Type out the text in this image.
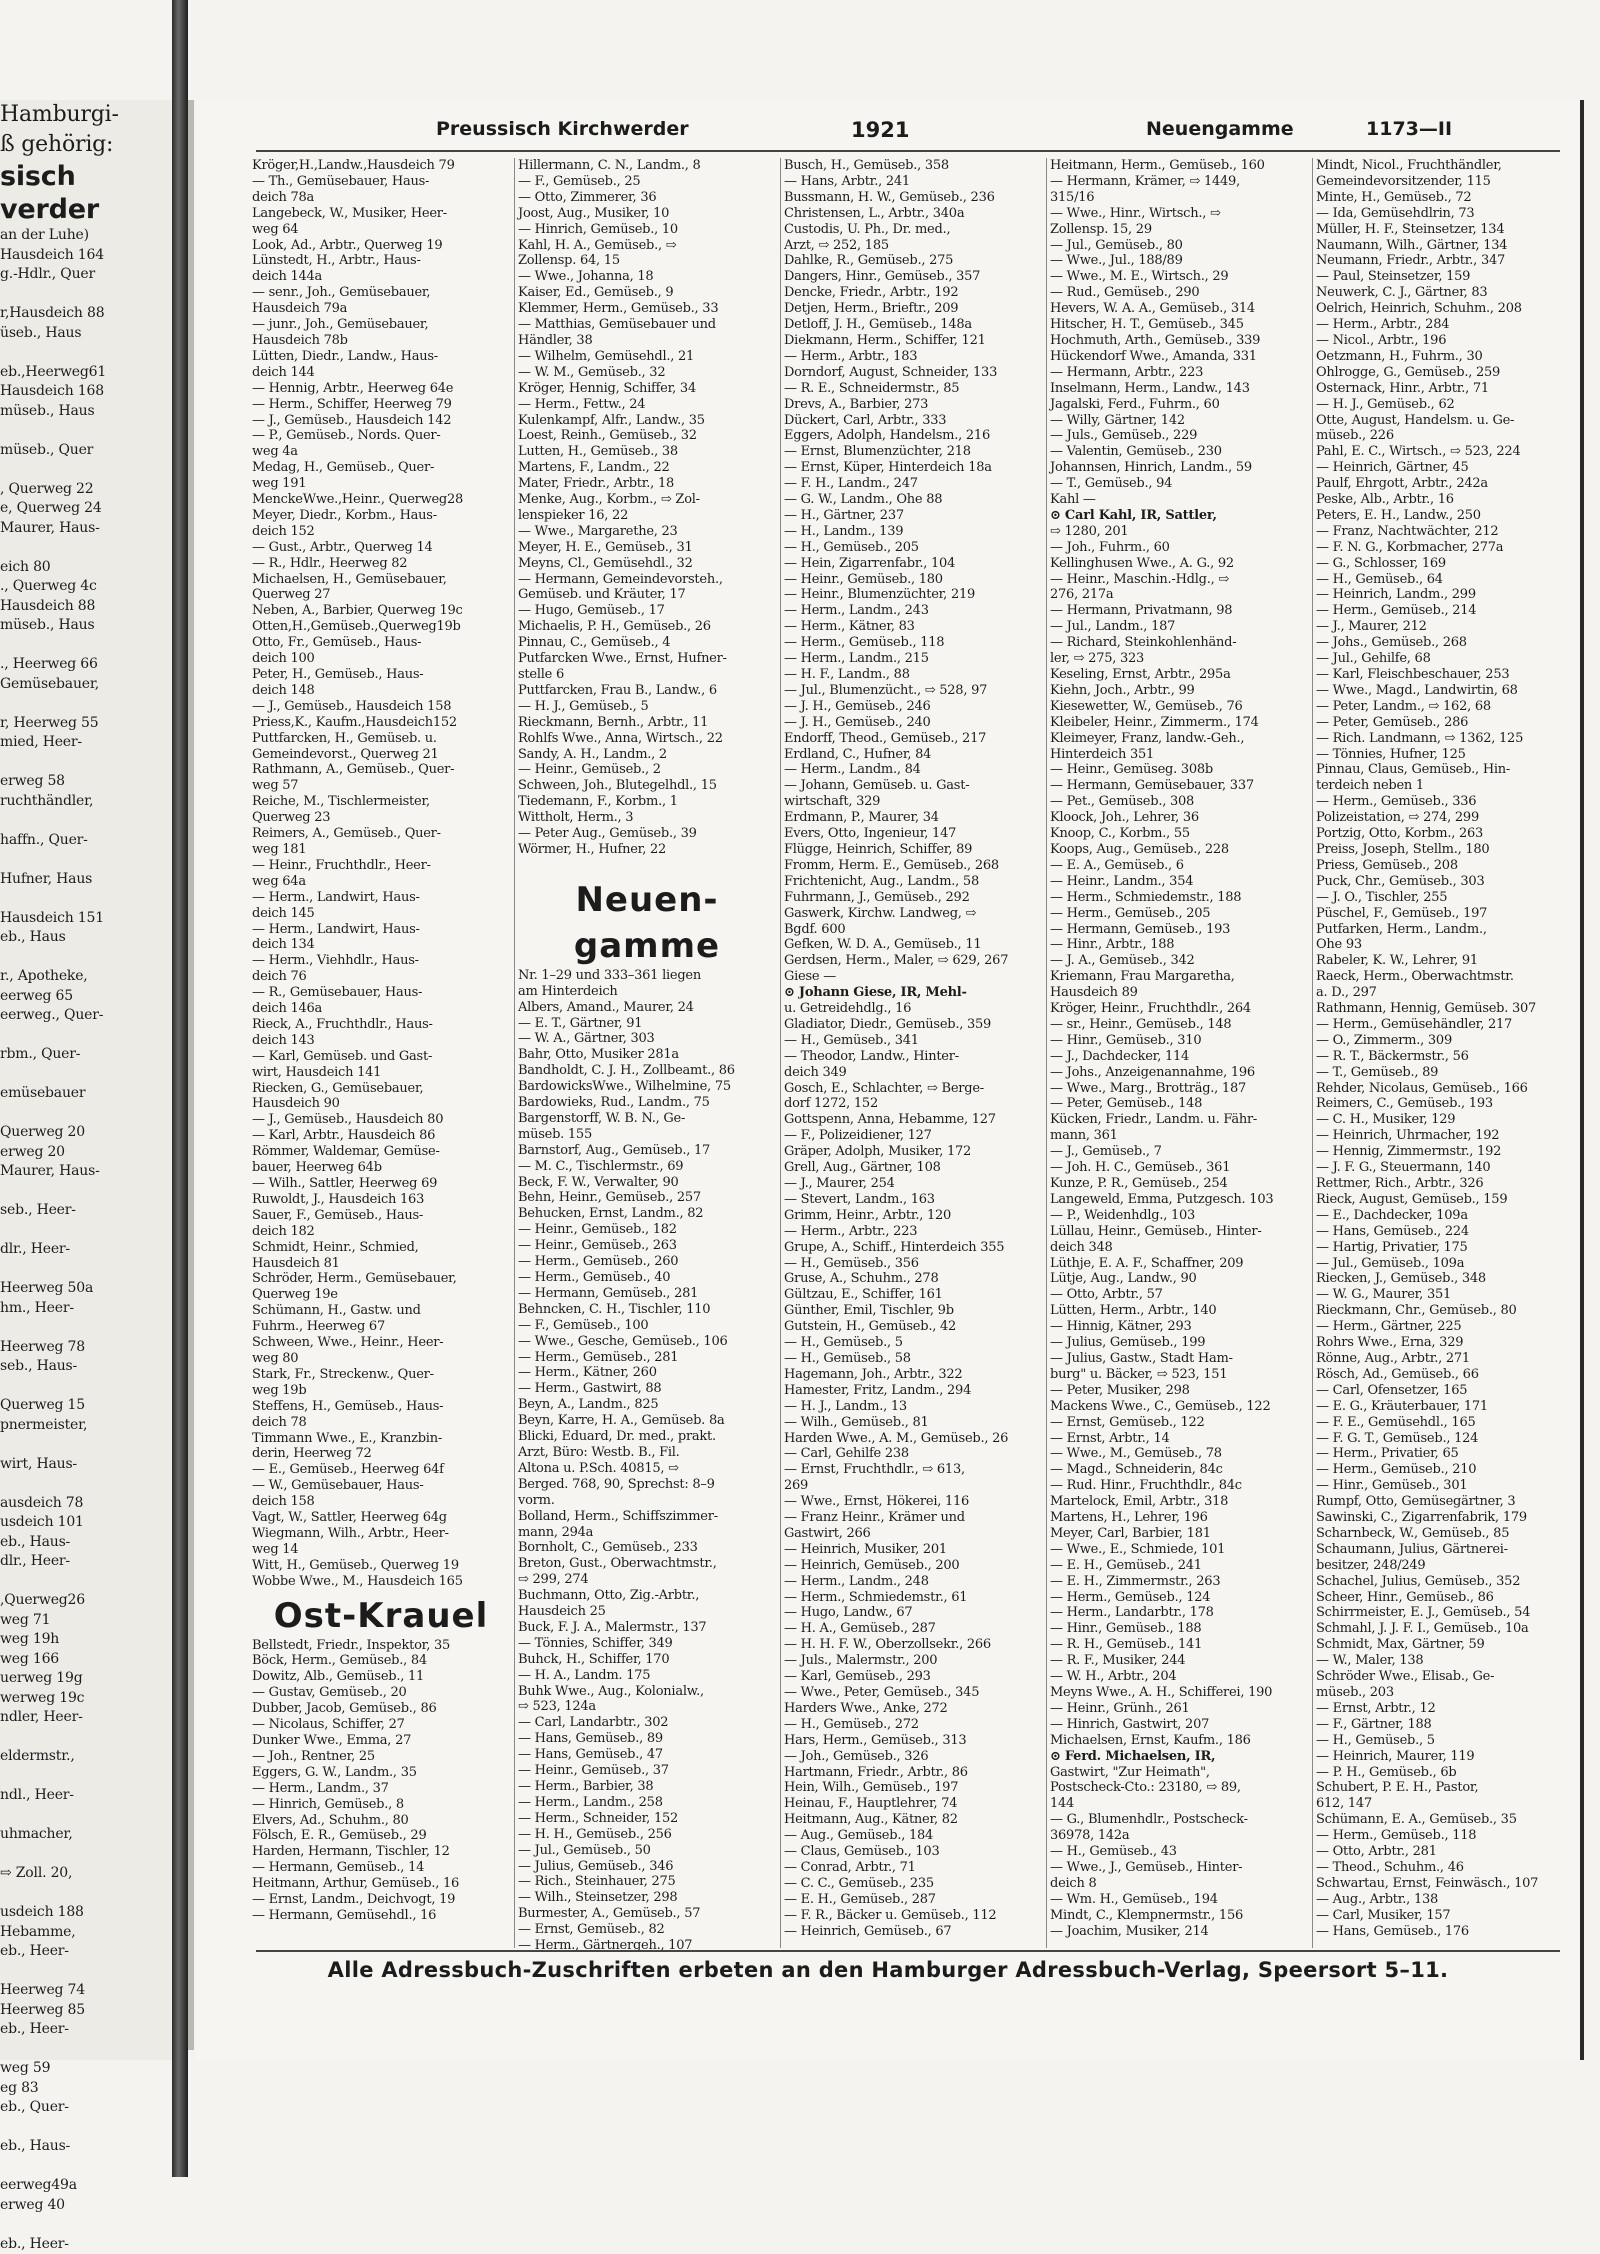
Hamburgi-
ß gehörig:
sisch
verder
an der Luhe)
Hausdeich 164
g.-Hdlr., Quer

r,Hausdeich 88
üseb., Haus

eb.,Heerweg61
Hausdeich 168
müseb., Haus

müseb., Quer

, Querweg 22
e, Querweg 24
Maurer, Haus-

eich 80
., Querweg 4c
Hausdeich 88
müseb., Haus

., Heerweg 66
Gemüsebauer,

r, Heerweg 55
mied, Heer-

erweg 58
ruchthändler,

haffn., Quer-

Hufner, Haus

Hausdeich 151
eb., Haus

r., Apotheke,
eerweg 65
eerweg., Quer-

rbm., Quer-

emüsebauer

Querweg 20
erweg 20
Maurer, Haus-

seb., Heer-

dlr., Heer-

Heerweg 50a
hm., Heer-

Heerweg 78
seb., Haus-

Querweg 15
pnermeister,

wirt, Haus-

ausdeich 78
usdeich 101
eb., Haus-
dlr., Heer-

,Querweg26
weg 71
weg 19h
weg 166
uerweg 19g
werweg 19c
ndler, Heer-

eldermstr.,

ndl., Heer-

uhmacher,

⇨ Zoll. 20,

usdeich 188
Hebamme,
eb., Heer-

Heerweg 74
Heerweg 85
eb., Heer-

weg 59
eg 83
eb., Quer-

eb., Haus-

eerweg49a
erweg 40

eb., Heer-
Preussisch Kirchwerder	1921	Neuengamme	1173—II
Kröger,H.,Landw.,Hausdeich 79
— Th., Gemüsebauer, Haus-
deich 78a
Langebeck, W., Musiker, Heer-
weg 64
Look, Ad., Arbtr., Querweg 19
Lünstedt, H., Arbtr., Haus-
deich 144a
— senr., Joh., Gemüsebauer,
Hausdeich 79a
— junr., Joh., Gemüsebauer,
Hausdeich 78b
Lütten, Diedr., Landw., Haus-
deich 144
— Hennig, Arbtr., Heerweg 64e
— Herm., Schiffer, Heerweg 79
— J., Gemüseb., Hausdeich 142
— P., Gemüseb., Nords. Quer-
weg 4a
Medag, H., Gemüseb., Quer-
weg 191
MenckeWwe.,Heinr., Querweg28
Meyer, Diedr., Korbm., Haus-
deich 152
— Gust., Arbtr., Querweg 14
— R., Hdlr., Heerweg 82
Michaelsen, H., Gemüsebauer,
Querweg 27
Neben, A., Barbier, Querweg 19c
Otten,H.,Gemüseb.,Querweg19b
Otto, Fr., Gemüseb., Haus-
deich 100
Peter, H., Gemüseb., Haus-
deich 148
— J., Gemüseb., Hausdeich 158
Priess,K., Kaufm.,Hausdeich152
Puttfarcken, H., Gemüseb. u.
Gemeindevorst., Querweg 21
Rathmann, A., Gemüseb., Quer-
weg 57
Reiche, M., Tischlermeister,
Querweg 23
Reimers, A., Gemüseb., Quer-
weg 181
— Heinr., Fruchthdlr., Heer-
weg 64a
— Herm., Landwirt, Haus-
deich 145
— Herm., Landwirt, Haus-
deich 134
— Herm., Viehhdlr., Haus-
deich 76
— R., Gemüsebauer, Haus-
deich 146a
Rieck, A., Fruchthdlr., Haus-
deich 143
— Karl, Gemüseb. und Gast-
wirt, Hausdeich 141
Riecken, G., Gemüsebauer,
Hausdeich 90
— J., Gemüseb., Hausdeich 80
— Karl, Arbtr., Hausdeich 86
Römmer, Waldemar, Gemüse-
bauer, Heerweg 64b
— Wilh., Sattler, Heerweg 69
Ruwoldt, J., Hausdeich 163
Sauer, F., Gemüseb., Haus-
deich 182
Schmidt, Heinr., Schmied,
Hausdeich 81
Schröder, Herm., Gemüsebauer,
Querweg 19e
Schümann, H., Gastw. und
Fuhrm., Heerweg 67
Schween, Wwe., Heinr., Heer-
weg 80
Stark, Fr., Streckenw., Quer-
weg 19b
Steffens, H., Gemüseb., Haus-
deich 78
Timmann Wwe., E., Kranzbin-
derin, Heerweg 72
— E., Gemüseb., Heerweg 64f
— W., Gemüsebauer, Haus-
deich 158
Vagt, W., Sattler, Heerweg 64g
Wiegmann, Wilh., Arbtr., Heer-
weg 14
Witt, H., Gemüseb., Querweg 19
Wobbe Wwe., M., Hausdeich 165
Ost-Krauel
Bellstedt, Friedr., Inspektor, 35
Böck, Herm., Gemüseb., 84
Dowitz, Alb., Gemüseb., 11
— Gustav, Gemüseb., 20
Dubber, Jacob, Gemüseb., 86
— Nicolaus, Schiffer, 27
Dunker Wwe., Emma, 27
— Joh., Rentner, 25
Eggers, G. W., Landm., 35
— Herm., Landm., 37
— Hinrich, Gemüseb., 8
Elvers, Ad., Schuhm., 80
Fölsch, E. R., Gemüseb., 29
Harden, Hermann, Tischler, 12
— Hermann, Gemüseb., 14
Heitmann, Arthur, Gemüseb., 16
— Ernst, Landm., Deichvogt, 19
— Hermann, Gemüsehdl., 16
Hillermann, C. N., Landm., 8
— F., Gemüseb., 25
— Otto, Zimmerer, 36
Joost, Aug., Musiker, 10
— Hinrich, Gemüseb., 10
Kahl, H. A., Gemüseb., ⇨
Zollensp. 64, 15
— Wwe., Johanna, 18
Kaiser, Ed., Gemüseb., 9
Klemmer, Herm., Gemüseb., 33
— Matthias, Gemüsebauer und
Händler, 38
— Wilhelm, Gemüsehdl., 21
— W. M., Gemüseb., 32
Kröger, Hennig, Schiffer, 34
— Herm., Fettw., 24
Kulenkampf, Alfr., Landw., 35
Loest, Reinh., Gemüseb., 32
Lutten, H., Gemüseb., 38
Martens, F., Landm., 22
Mater, Friedr., Arbtr., 18
Menke, Aug., Korbm., ⇨ Zol-
lenspieker 16, 22
— Wwe., Margarethe, 23
Meyer, H. E., Gemüseb., 31
Meyns, Cl., Gemüsehdl., 32
— Hermann, Gemeindevorsteh.,
Gemüseb. und Kräuter, 17
— Hugo, Gemüseb., 17
Michaelis, P. H., Gemüseb., 26
Pinnau, C., Gemüseb., 4
Putfarcken Wwe., Ernst, Hufner-
stelle 6
Puttfarcken, Frau B., Landw., 6
— H. J., Gemüseb., 5
Rieckmann, Bernh., Arbtr., 11
Rohlfs Wwe., Anna, Wirtsch., 22
Sandy, A. H., Landm., 2
— Heinr., Gemüseb., 2
Schween, Joh., Blutegelhdl., 15
Tiedemann, F., Korbm., 1
Wittholt, Herm., 3
— Peter Aug., Gemüseb., 39
Wörmer, H., Hufner, 22

Neuen-
gamme
Nr. 1–29 und 333–361 liegen
am Hinterdeich
Albers, Amand., Maurer, 24
— E. T., Gärtner, 91
— W. A., Gärtner, 303
Bahr, Otto, Musiker 281a
Bandholdt, C. J. H., Zollbeamt., 86
BardowicksWwe., Wilhelmine, 75
Bardowieks, Rud., Landm., 75
Bargenstorff, W. B. N., Ge-
müseb. 155
Barnstorf, Aug., Gemüseb., 17
— M. C., Tischlermstr., 69
Beck, F. W., Verwalter, 90
Behn, Heinr., Gemüseb., 257
Behucken, Ernst, Landm., 82
— Heinr., Gemüseb., 182
— Heinr., Gemüseb., 263
— Herm., Gemüseb., 260
— Herm., Gemüseb., 40
— Hermann, Gemüseb., 281
Behncken, C. H., Tischler, 110
— F., Gemüseb., 100
— Wwe., Gesche, Gemüseb., 106
— Herm., Gemüseb., 281
— Herm., Kätner, 260
— Herm., Gastwirt, 88
Beyn, A., Landm., 825
Beyn, Karre, H. A., Gemüseb. 8a
Blicki, Eduard, Dr. med., prakt.
Arzt, Büro: Westb. B., Fil.
Altona u. P.Sch. 40815, ⇨
Berged. 768, 90, Sprechst: 8–9
vorm.
Bolland, Herm., Schiffszimmer-
mann, 294a
Bornholt, C., Gemüseb., 233
Breton, Gust., Oberwachtmstr.,
⇨ 299, 274
Buchmann, Otto, Zig.-Arbtr.,
Hausdeich 25
Buck, F. J. A., Malermstr., 137
— Tönnies, Schiffer, 349
Buhck, H., Schiffer, 170
— H. A., Landm. 175
Buhk Wwe., Aug., Kolonialw.,
⇨ 523, 124a
— Carl, Landarbtr., 302
— Hans, Gemüseb., 89
— Hans, Gemüseb., 47
— Heinr., Gemüseb., 37
— Herm., Barbier, 38
— Herm., Landm., 258
— Herm., Schneider, 152
— H. H., Gemüseb., 256
— Jul., Gemüseb., 50
— Julius, Gemüseb., 346
— Rich., Steinhauer, 275
— Wilh., Steinsetzer, 298
Burmester, A., Gemüseb., 57
— Ernst, Gemüseb., 82
— Herm., Gärtnergeh., 107
Busch, H., Gemüseb., 358
— Hans, Arbtr., 241
Bussmann, H. W., Gemüseb., 236
Christensen, L., Arbtr., 340a
Custodis, U. Ph., Dr. med.,
Arzt, ⇨ 252, 185
Dahlke, R., Gemüseb., 275
Dangers, Hinr., Gemüseb., 357
Dencke, Friedr., Arbtr., 192
Detjen, Herm., Brieftr., 209
Detloff, J. H., Gemüseb., 148a
Diekmann, Herm., Schiffer, 121
— Herm., Arbtr., 183
Dorndorf, August, Schneider, 133
— R. E., Schneidermstr., 85
Drevs, A., Barbier, 273
Dückert, Carl, Arbtr., 333
Eggers, Adolph, Handelsm., 216
— Ernst, Blumenzüchter, 218
— Ernst, Küper, Hinterdeich 18a
— F. H., Landm., 247
— G. W., Landm., Ohe 88
— H., Gärtner, 237
— H., Landm., 139
— H., Gemüseb., 205
— Hein, Zigarrenfabr., 104
— Heinr., Gemüseb., 180
— Heinr., Blumenzüchter, 219
— Herm., Landm., 243
— Herm., Kätner, 83
— Herm., Gemüseb., 118
— Herm., Landm., 215
— H. F., Landm., 88
— Jul., Blumenzücht., ⇨ 528, 97
— J. H., Gemüseb., 246
— J. H., Gemüseb., 240
Endorff, Theod., Gemüseb., 217
Erdland, C., Hufner, 84
— Herm., Landm., 84
— Johann, Gemüseb. u. Gast-
wirtschaft, 329
Erdmann, P., Maurer, 34
Evers, Otto, Ingenieur, 147
Flügge, Heinrich, Schiffer, 89
Fromm, Herm. E., Gemüseb., 268
Frichtenicht, Aug., Landm., 58
Fuhrmann, J., Gemüseb., 292
Gaswerk, Kirchw. Landweg, ⇨
Bgdf. 600
Gefken, W. D. A., Gemüseb., 11
Gerdsen, Herm., Maler, ⇨ 629, 267
Giese —
⊙ Johann Giese, IR, Mehl-
u. Getreidehdlg., 16
Gladiator, Diedr., Gemüseb., 359
— H., Gemüseb., 341
— Theodor, Landw., Hinter-
deich 349
Gosch, E., Schlachter, ⇨ Berge-
dorf 1272, 152
Gottspenn, Anna, Hebamme, 127
— F., Polizeidiener, 127
Gräper, Adolph, Musiker, 172
Grell, Aug., Gärtner, 108
— J., Maurer, 254
— Stevert, Landm., 163
Grimm, Heinr., Arbtr., 120
— Herm., Arbtr., 223
Grupe, A., Schiff., Hinterdeich 355
— H., Gemüseb., 356
Gruse, A., Schuhm., 278
Gültzau, E., Schiffer, 161
Günther, Emil, Tischler, 9b
Gutstein, H., Gemüseb., 42
— H., Gemüseb., 5
— H., Gemüseb., 58
Hagemann, Joh., Arbtr., 322
Hamester, Fritz, Landm., 294
— H. J., Landm., 13
— Wilh., Gemüseb., 81
Harden Wwe., A. M., Gemüseb., 26
— Carl, Gehilfe 238
— Ernst, Fruchthdlr., ⇨ 613,
269
— Wwe., Ernst, Hökerei, 116
— Franz Heinr., Krämer und
Gastwirt, 266
— Heinrich, Musiker, 201
— Heinrich, Gemüseb., 200
— Herm., Landm., 248
— Herm., Schmiedemstr., 61
— Hugo, Landw., 67
— H. A., Gemüseb., 287
— H. H. F. W., Oberzollsekr., 266
— Juls., Malermstr., 200
— Karl, Gemüseb., 293
— Wwe., Peter, Gemüseb., 345
Harders Wwe., Anke, 272
— H., Gemüseb., 272
Hars, Herm., Gemüseb., 313
— Joh., Gemüseb., 326
Hartmann, Friedr., Arbtr., 86
Hein, Wilh., Gemüseb., 197
Heinau, F., Hauptlehrer, 74
Heitmann, Aug., Kätner, 82
— Aug., Gemüseb., 184
— Claus, Gemüseb., 103
— Conrad, Arbtr., 71
— C. C., Gemüseb., 235
— E. H., Gemüseb., 287
— F. R., Bäcker u. Gemüseb., 112
— Heinrich, Gemüseb., 67
Heitmann, Herm., Gemüseb., 160
— Hermann, Krämer, ⇨ 1449,
315/16
— Wwe., Hinr., Wirtsch., ⇨
Zollensp. 15, 29
— Jul., Gemüseb., 80
— Wwe., Jul., 188/89
— Wwe., M. E., Wirtsch., 29
— Rud., Gemüseb., 290
Hevers, W. A. A., Gemüseb., 314
Hitscher, H. T., Gemüseb., 345
Hochmuth, Arth., Gemüseb., 339
Hückendorf Wwe., Amanda, 331
— Hermann, Arbtr., 223
Inselmann, Herm., Landw., 143
Jagalski, Ferd., Fuhrm., 60
— Willy, Gärtner, 142
— Juls., Gemüseb., 229
— Valentin, Gemüseb., 230
Johannsen, Hinrich, Landm., 59
— T., Gemüseb., 94
Kahl —
⊙ Carl Kahl, IR, Sattler,
⇨ 1280, 201
— Joh., Fuhrm., 60
Kellinghusen Wwe., A. G., 92
— Heinr., Maschin.-Hdlg., ⇨
276, 217a
— Hermann, Privatmann, 98
— Jul., Landm., 187
— Richard, Steinkohlenhänd-
ler, ⇨ 275, 323
Keseling, Ernst, Arbtr., 295a
Kiehn, Joch., Arbtr., 99
Kiesewetter, W., Gemüseb., 76
Kleibeler, Heinr., Zimmerm., 174
Kleimeyer, Franz, landw.-Geh.,
Hinterdeich 351
— Heinr., Gemüseg. 308b
— Hermann, Gemüsebauer, 337
— Pet., Gemüseb., 308
Kloock, Joh., Lehrer, 36
Knoop, C., Korbm., 55
Koops, Aug., Gemüseb., 228
— E. A., Gemüseb., 6
— Heinr., Landm., 354
— Herm., Schmiedemstr., 188
— Herm., Gemüseb., 205
— Hermann, Gemüseb., 193
— Hinr., Arbtr., 188
— J. A., Gemüseb., 342
Kriemann, Frau Margaretha,
Hausdeich 89
Kröger, Heinr., Fruchthdlr., 264
— sr., Heinr., Gemüseb., 148
— Hinr., Gemüseb., 310
— J., Dachdecker, 114
— Johs., Anzeigenannahme, 196
— Wwe., Marg., Brotträg., 187
— Peter, Gemüseb., 148
Kücken, Friedr., Landm. u. Fähr-
mann, 361
— J., Gemüseb., 7
— Joh. H. C., Gemüseb., 361
Kunze, P. R., Gemüseb., 254
Langeweld, Emma, Putzgesch. 103
— P., Weidenhdlg., 103
Lüllau, Heinr., Gemüseb., Hinter-
deich 348
Lüthje, E. A. F., Schaffner, 209
Lütje, Aug., Landw., 90
— Otto, Arbtr., 57
Lütten, Herm., Arbtr., 140
— Hinnig, Kätner, 293
— Julius, Gemüseb., 199
— Julius, Gastw., Stadt Ham-
burg" u. Bäcker, ⇨ 523, 151
— Peter, Musiker, 298
Mackens Wwe., C., Gemüseb., 122
— Ernst, Gemüseb., 122
— Ernst, Arbtr., 14
— Wwe., M., Gemüseb., 78
— Magd., Schneiderin, 84c
— Rud. Hinr., Fruchthdlr., 84c
Martelock, Emil, Arbtr., 318
Martens, H., Lehrer, 196
Meyer, Carl, Barbier, 181
— Wwe., E., Schmiede, 101
— E. H., Gemüseb., 241
— E. H., Zimmermstr., 263
— Herm., Gemüseb., 124
— Herm., Landarbtr., 178
— Hinr., Gemüseb., 188
— R. H., Gemüseb., 141
— R. F., Musiker, 244
— W. H., Arbtr., 204
Meyns Wwe., A. H., Schifferei, 190
— Heinr., Grünh., 261
— Hinrich, Gastwirt, 207
Michaelsen, Ernst, Kaufm., 186
⊙ Ferd. Michaelsen, IR,
Gastwirt, "Zur Heimath",
Postscheck-Cto.: 23180, ⇨ 89,
144
— G., Blumenhdlr., Postscheck-
36978, 142a
— H., Gemüseb., 43
— Wwe., J., Gemüseb., Hinter-
deich 8
— Wm. H., Gemüseb., 194
Mindt, C., Klempnermstr., 156
— Joachim, Musiker, 214
Mindt, Nicol., Fruchthändler,
Gemeindevorsitzender, 115
Minte, H., Gemüseb., 72
— Ida, Gemüsehdlrin, 73
Müller, H. F., Steinsetzer, 134
Naumann, Wilh., Gärtner, 134
Neumann, Friedr., Arbtr., 347
— Paul, Steinsetzer, 159
Neuwerk, C. J., Gärtner, 83
Oelrich, Heinrich, Schuhm., 208
— Herm., Arbtr., 284
— Nicol., Arbtr., 196
Oetzmann, H., Fuhrm., 30
Ohlrogge, G., Gemüseb., 259
Osternack, Hinr., Arbtr., 71
— H. J., Gemüseb., 62
Otte, August, Handelsm. u. Ge-
müseb., 226
Pahl, E. C., Wirtsch., ⇨ 523, 224
— Heinrich, Gärtner, 45
Paulf, Ehrgott, Arbtr., 242a
Peske, Alb., Arbtr., 16
Peters, E. H., Landw., 250
— Franz, Nachtwächter, 212
— F. N. G., Korbmacher, 277a
— G., Schlosser, 169
— H., Gemüseb., 64
— Heinrich, Landm., 299
— Herm., Gemüseb., 214
— J., Maurer, 212
— Johs., Gemüseb., 268
— Jul., Gehilfe, 68
— Karl, Fleischbeschauer, 253
— Wwe., Magd., Landwirtin, 68
— Peter, Landm., ⇨ 162, 68
— Peter, Gemüseb., 286
— Rich. Landmann, ⇨ 1362, 125
— Tönnies, Hufner, 125
Pinnau, Claus, Gemüseb., Hin-
terdeich neben 1
— Herm., Gemüseb., 336
Polizeistation, ⇨ 274, 299
Portzig, Otto, Korbm., 263
Preiss, Joseph, Stellm., 180
Priess, Gemüseb., 208
Puck, Chr., Gemüseb., 303
— J. O., Tischler, 255
Püschel, F., Gemüseb., 197
Putfarken, Herm., Landm.,
Ohe 93
Rabeler, K. W., Lehrer, 91
Raeck, Herm., Oberwachtmstr.
a. D., 297
Rathmann, Hennig, Gemüseb. 307
— Herm., Gemüsehändler, 217
— O., Zimmerm., 309
— R. T., Bäckermstr., 56
— T., Gemüseb., 89
Rehder, Nicolaus, Gemüseb., 166
Reimers, C., Gemüseb., 193
— C. H., Musiker, 129
— Heinrich, Uhrmacher, 192
— Hennig, Zimmermstr., 192
— J. F. G., Steuermann, 140
Rettmer, Rich., Arbtr., 326
Rieck, August, Gemüseb., 159
— E., Dachdecker, 109a
— Hans, Gemüseb., 224
— Hartig, Privatier, 175
— Jul., Gemüseb., 109a
Riecken, J., Gemüseb., 348
— W. G., Maurer, 351
Rieckmann, Chr., Gemüseb., 80
— Herm., Gärtner, 225
Rohrs Wwe., Erna, 329
Rönne, Aug., Arbtr., 271
Rösch, Ad., Gemüseb., 66
— Carl, Ofensetzer, 165
— E. G., Kräuterbauer, 171
— F. E., Gemüsehdl., 165
— F. G. T., Gemüseb., 124
— Herm., Privatier, 65
— Herm., Gemüseb., 210
— Hinr., Gemüseb., 301
Rumpf, Otto, Gemüsegärtner, 3
Sawinski, C., Zigarrenfabrik, 179
Scharnbeck, W., Gemüseb., 85
Schaumann, Julius, Gärtnerei-
besitzer, 248/249
Schachel, Julius, Gemüseb., 352
Scheer, Hinr., Gemüseb., 86
Schirrmeister, E. J., Gemüseb., 54
Schmahl, J. J. F. I., Gemüseb., 10a
Schmidt, Max, Gärtner, 59
— W., Maler, 138
Schröder Wwe., Elisab., Ge-
müseb., 203
— Ernst, Arbtr., 12
— F., Gärtner, 188
— H., Gemüseb., 5
— Heinrich, Maurer, 119
— P. H., Gemüseb., 6b
Schubert, P. E. H., Pastor,
612, 147
Schümann, E. A., Gemüseb., 35
— Herm., Gemüseb., 118
— Otto, Arbtr., 281
— Theod., Schuhm., 46
Schwartau, Ernst, Feinwäsch., 107
— Aug., Arbtr., 138
— Carl, Musiker, 157
— Hans, Gemüseb., 176
Alle Adressbuch-Zuschriften erbeten an den Hamburger Adressbuch-Verlag, Speersort 5–11.
